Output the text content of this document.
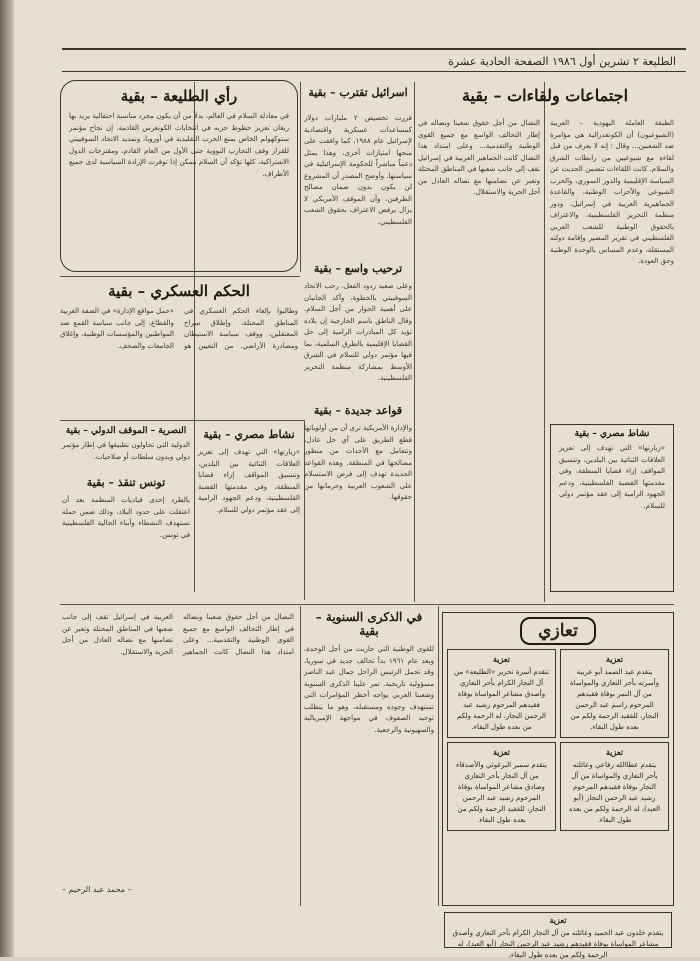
الطليعة ٢ تشرين أول ١٩٨٦ الصفحة الحادية عشرة
اجتماعات ولقاءات – بقية
الطبقة العاملة اليهودية – العربية (الشيوعيون) أن الكونفدرالية هي مؤامرة ضد الشعبين... وقال : إنه لا يعرف من قبل لقاءه مع شيوعيين من رابطات الشرق والسلام. كانت اللقاءات تتضمن الحديث عن السياسة الإقليمية والدور السوري، والحزب الشيوعي والأحزاب الوطنية، والقاعدة الجماهيرية العربية في إسرائيل، ودور منظمة التحرير الفلسطينية، والاعتراف بالحقوق الوطنية للشعب العربي الفلسطيني في تقرير المصير وإقامة دولته المستقلة، وعدم المساس بالوحدة الوطنية وحق العودة.
النضال من أجل حقوق شعبنا ونضاله في إطار التحالف الواسع مع جميع القوى الوطنية والتقدمية... وعلى امتداد هذا النضال كانت الجماهير العربية في إسرائيل تقف إلى جانب شعبها في المناطق المحتلة وتعبر عن تضامنها مع نضاله العادل من أجل الحرية والاستقلال.
نشاط مصري – بقية
«زيارتها» التي تهدف إلى تعزيز العلاقات الثنائية بين البلدين، وتنسيق المواقف إزاء قضايا المنطقة، وفي مقدمتها القضية الفلسطينية، ودعم الجهود الرامية إلى عقد مؤتمر دولي للسلام.
اسرائيل تقترب – بقية
قررت تخصيص ٢ مليارات دولار كمساعدات عسكرية واقتصادية لإسرائيل عام ١٩٨٨، كما وافقت على منحها امتيازات أخرى، وهذا يمثل دعماً مباشراً للحكومة الإسرائيلية في سياستها. وأوضح المصدر أن المشروع لن يكون بدون ضمان مصالح الطرفين، وأن الموقف الأمريكي لا يزال يرفض الاعتراف بحقوق الشعب الفلسطيني.
رأي الطليعة – بقية
في معادلة السلام في العالم، بدلاً من أن يكون مجرد مناسبة احتفالية يريد بها ريغان تعزيز حظوظ حزبه في انتخابات الكونغرس القادمة. إن نجاح مؤتمر ستوكهولم الخاص بمنع الحرب التقليدية في أوروبا، وتمديد الاتحاد السوفييتي للقرار وقف التجارب النووية حتى الأول من العام القادم، ومقترحات الدول الاشتراكية، كلها تؤكد أن السلام ممكن إذا توفرت الإرادة السياسية لدى جميع الأطراف.
ترحيب واسع – بقية
وعلى صعيد ردود الفعل، رحب الاتحاد السوفييتي بالخطوة، وأكد الجانبان على أهمية الحوار من أجل السلام. وقال الناطق باسم الخارجية إن بلاده تؤيد كل المبادرات الرامية إلى حل القضايا الإقليمية بالطرق السلمية، بما فيها مؤتمر دولي للسلام في الشرق الأوسط بمشاركة منظمة التحرير الفلسطينية.
الحكم العسكري – بقية
وطالبوا بإلغاء الحكم العسكري في المناطق المحتلة، وإطلاق سراح المعتقلين، ووقف سياسة الاستيطان ومصادرة الأراضي. من التعيين هو «حمل مواقع الإدارة» في الضفة الغربية والقطاع، إلى جانب سياسة القمع ضد المواطنين والمؤسسات الوطنية، وإغلاق الجامعات والصحف.
قواعد جديدة – بقية
والإدارة الأمريكية ترى أن من أولوياتها قطع الطريق على أي حل عادل، وتتعامل مع الأحداث من منظور مصالحها في المنطقة. وهذه القواعد الجديدة تهدف إلى فرض الاستسلام على الشعوب العربية وحرمانها من حقوقها.
نشاط مصري – بقية
«زيارتها» التي تهدف إلى تعزيز العلاقات الثنائية بين البلدين، وتنسيق المواقف إزاء قضايا المنطقة، وفي مقدمتها القضية الفلسطينية، ودعم الجهود الرامية إلى عقد مؤتمر دولي للسلام.
النصرية – الموقف الدولي – بقية
الدولية التي تحاولون تطبيقها في إطار مؤتمر دولي وبدون سلطات أو صلاحيات.
تونس تنقذ – بقية
بالطرد إحدى قياديات المنظمة بعد أن اعتقلت على حدود البلاد، وذلك ضمن حملة تستهدف النشطاء وأبناء الجالية الفلسطينية في تونس.
في الذكرى السنوية – بقية
للقوى الوطنية التي حاربت من أجل الوحدة، وبعد عام ١٩٦١ بدأ تحالف جديد في سوريا، وقد تحمل الرئيس الراحل جمال عبد الناصر مسؤولية تاريخية. تمر علينا الذكرى السنوية وشعبنا العربي يواجه أخطر المؤامرات التي تستهدف وجوده ومستقبله، وهو ما يتطلب توحيد الصفوف في مواجهة الإمبريالية والصهيونية والرجعية.
النضال من أجل حقوق شعبنا ونضاله في إطار التحالف الواسع مع جميع القوى الوطنية والتقدمية... وعلى امتداد هذا النضال كانت الجماهير العربية في إسرائيل تقف إلى جانب شعبها في المناطق المحتلة وتعبر عن تضامنها مع نضاله العادل من أجل الحرية والاستقلال.
– محمد عبد الرحيم –
تعازي
تعزية
يتقدم عبد الصمد أبو عريبة وأسرته بأحر التعازي والمواساة من آل النمر بوفاة فقيدهم المرحوم راسم عبد الرحمن النجار، للفقيد الرحمة ولكم من بعده طول البقاء.
تعزية
يتقدم عطاالله رفاعي وعائلته بأحر التعازي والمواساة من آل النجار بوفاة فقيدهم المرحوم رشيد عبد الرحمن النجار (أبو العبد)، له الرحمة ولكم من بعده طول البقاء.
تعزية
تتقدم أسرة تحرير «الطليعة» من آل النجار الكرام بأحر التعازي وأصدق مشاعر المواساة بوفاة فقيدهم المرحوم رشيد عبد الرحمن النجار، له الرحمة ولكم من بعده طول البقاء.
تعزية
يتقدم سمير البرغوثي والأصدقاء من آل النجار بأحر التعازي وصادق مشاعر المواساة بوفاة المرحوم رشيد عبد الرحمن النجار، للفقيد الرحمة ولكم من بعده طول البقاء.
تعزية
يتقدم خلدون عبد الحميد وعائلته من آل النجار الكرام بأحر التعازي وأصدق مشاعر المواساة بوفاة فقيدهم رشيد عبد الرحمن النجار (أبو العبد)، له الرحمة ولكم من بعده طول البقاء.
